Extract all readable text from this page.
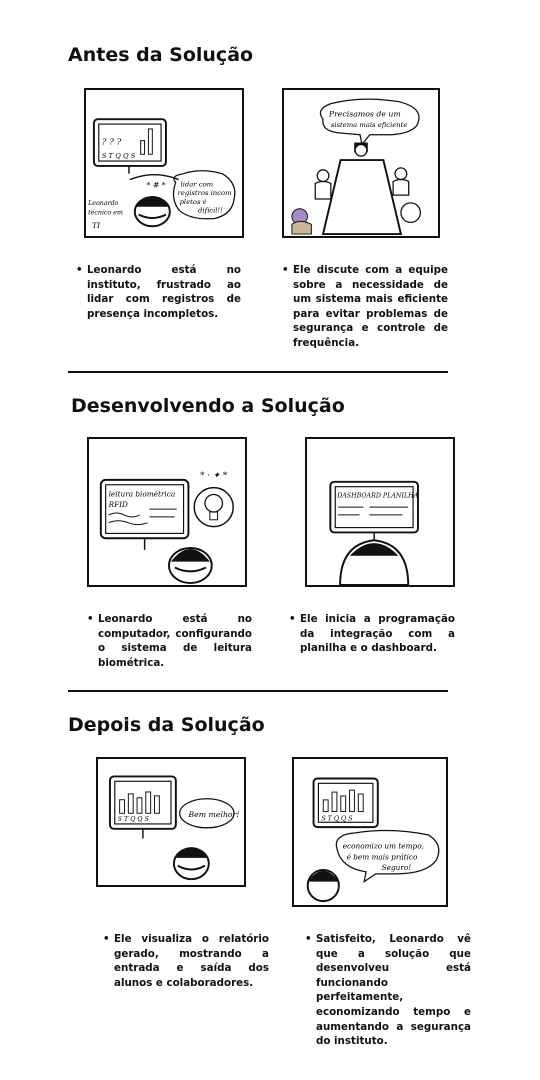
Antes da Solução
? ? ?
S T Q Q S
* # * lidar com
registros incom
pletos é
difícil!!
Leonardo
técnico em
TI
Precisamos de um
sistema mais eficiente
• Leonardo está no instituto, frustrado ao lidar com registros de presença incompletos.
• Ele discute com a equipe sobre a necessidade de um sistema mais eficiente para evitar problemas de segurança e controle de frequência.
Desenvolvendo a Solução
leitura biométrica
RFID
* · ✦ *
DASHBOARD PLANILHA
• Leonardo está no computador, configurando o sistema de leitura biométrica.
• Ele inicia a programação da integração com a planilha e o dashboard.
Depois da Solução
S T Q Q S
Bem melhor!	S T Q Q S
economizo um tempo,
é bem mais prático
Seguro!
• Ele visualiza o relatório gerado, mostrando a entrada e saída dos alunos e colaboradores.
• Satisfeito, Leonardo vê que a solução que desenvolveu está funcionando perfeitamente, economizando tempo e aumentando a segurança do instituto.
